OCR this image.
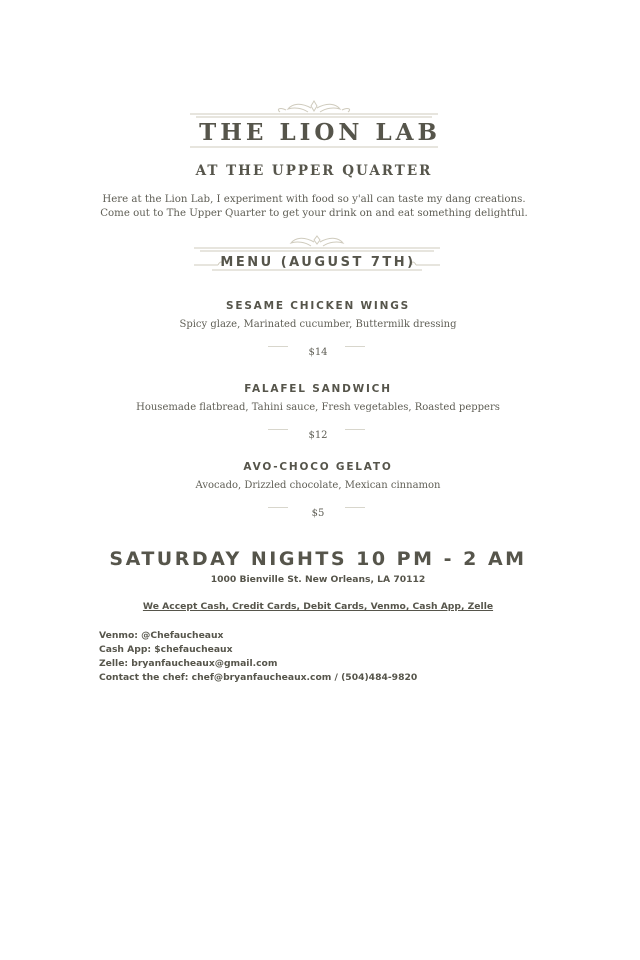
THE LION LAB
AT THE UPPER QUARTER
Here at the Lion Lab, I experiment with food so y'all can taste my dang creations.
Come out to The Upper Quarter to get your drink on and eat something delightful.
MENU (AUGUST 7TH)
SESAME CHICKEN WINGS
Spicy glaze, Marinated cucumber, Buttermilk dressing
$14
FALAFEL SANDWICH
Housemade flatbread, Tahini sauce, Fresh vegetables, Roasted peppers
$12
AVO-CHOCO GELATO
Avocado, Drizzled chocolate, Mexican cinnamon
$5
SATURDAY NIGHTS 10 PM - 2 AM
1000 Bienville St. New Orleans, LA 70112
We Accept Cash, Credit Cards, Debit Cards, Venmo, Cash App, Zelle
Venmo: @Chefaucheaux
Cash App: $chefaucheaux
Zelle: bryanfaucheaux@gmail.com
Contact the chef: chef@bryanfaucheaux.com / (504)484-9820
